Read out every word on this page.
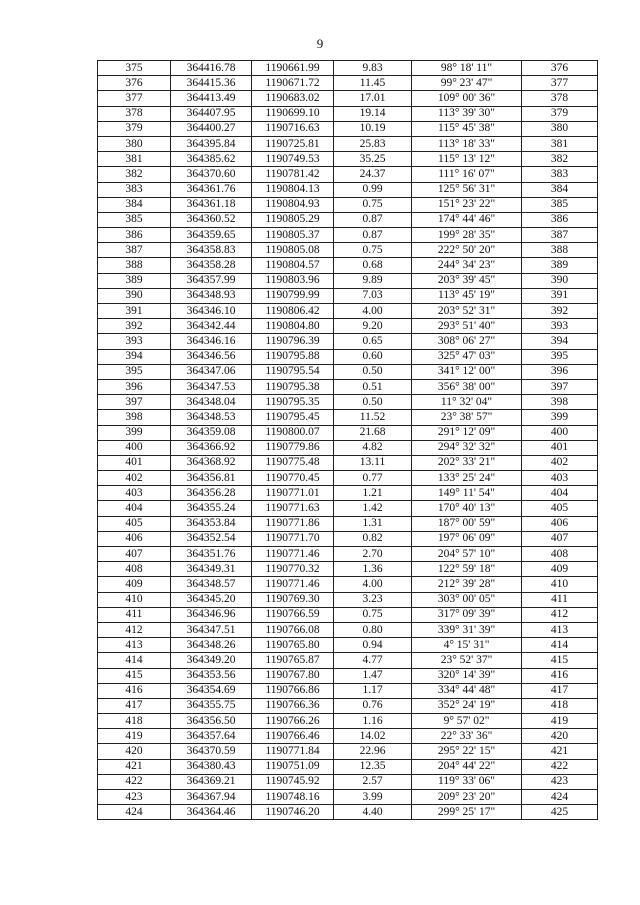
9
375	364416.78	1190661.99	9.83	98° 18' 11"	376
376	364415.36	1190671.72	11.45	99° 23' 47"	377
377	364413.49	1190683.02	17.01	109° 00' 36"	378
378	364407.95	1190699.10	19.14	113° 39' 30"	379
379	364400.27	1190716.63	10.19	115° 45' 38"	380
380	364395.84	1190725.81	25.83	113° 18' 33"	381
381	364385.62	1190749.53	35.25	115° 13' 12"	382
382	364370.60	1190781.42	24.37	111° 16' 07"	383
383	364361.76	1190804.13	0.99	125° 56' 31"	384
384	364361.18	1190804.93	0.75	151° 23' 22"	385
385	364360.52	1190805.29	0.87	174° 44' 46"	386
386	364359.65	1190805.37	0.87	199° 28' 35"	387
387	364358.83	1190805.08	0.75	222° 50' 20"	388
388	364358.28	1190804.57	0.68	244° 34' 23"	389
389	364357.99	1190803.96	9.89	203° 39' 45"	390
390	364348.93	1190799.99	7.03	113° 45' 19"	391
391	364346.10	1190806.42	4.00	203° 52' 31"	392
392	364342.44	1190804.80	9.20	293° 51' 40"	393
393	364346.16	1190796.39	0.65	308° 06' 27"	394
394	364346.56	1190795.88	0.60	325° 47' 03"	395
395	364347.06	1190795.54	0.50	341° 12' 00"	396
396	364347.53	1190795.38	0.51	356° 38' 00"	397
397	364348.04	1190795.35	0.50	11° 32' 04"	398
398	364348.53	1190795.45	11.52	23° 38' 57"	399
399	364359.08	1190800.07	21.68	291° 12' 09"	400
400	364366.92	1190779.86	4.82	294° 32' 32"	401
401	364368.92	1190775.48	13.11	202° 33' 21"	402
402	364356.81	1190770.45	0.77	133° 25' 24"	403
403	364356.28	1190771.01	1.21	149° 11' 54"	404
404	364355.24	1190771.63	1.42	170° 40' 13"	405
405	364353.84	1190771.86	1.31	187° 00' 59"	406
406	364352.54	1190771.70	0.82	197° 06' 09"	407
407	364351.76	1190771.46	2.70	204° 57' 10"	408
408	364349.31	1190770.32	1.36	122° 59' 18"	409
409	364348.57	1190771.46	4.00	212° 39' 28"	410
410	364345.20	1190769.30	3.23	303° 00' 05"	411
411	364346.96	1190766.59	0.75	317° 09' 39"	412
412	364347.51	1190766.08	0.80	339° 31' 39"	413
413	364348.26	1190765.80	0.94	4° 15' 31"	414
414	364349.20	1190765.87	4.77	23° 52' 37"	415
415	364353.56	1190767.80	1.47	320° 14' 39"	416
416	364354.69	1190766.86	1.17	334° 44' 48"	417
417	364355.75	1190766.36	0.76	352° 24' 19"	418
418	364356.50	1190766.26	1.16	9° 57' 02"	419
419	364357.64	1190766.46	14.02	22° 33' 36"	420
420	364370.59	1190771.84	22.96	295° 22' 15"	421
421	364380.43	1190751.09	12.35	204° 44' 22"	422
422	364369.21	1190745.92	2.57	119° 33' 06"	423
423	364367.94	1190748.16	3.99	209° 23' 20"	424
424	364364.46	1190746.20	4.40	299° 25' 17"	425
